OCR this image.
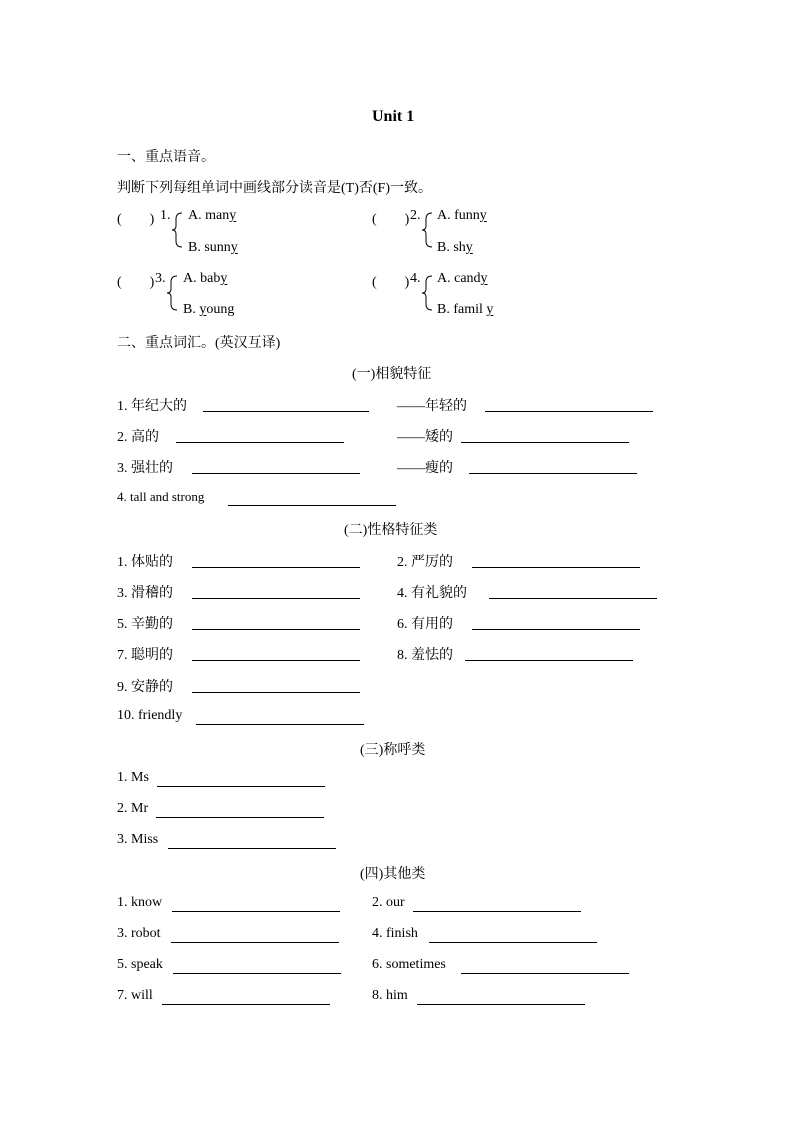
Unit 1
一、重点语音。
判断下列每组单词中画线部分读音是(T)否(F)一致。
(　　) 1. A. many
B. sunny
(　　) 2. A. funny
B. shy
(　　) 3. A. baby
B. young
(　　) 4. A. candy
B. famil y
二、重点词汇。(英汉互译)
(一)相貌特征
1. 年纪大的	——年轻的
2. 高的	——矮的
3. 强壮的	——瘦的
4. tall and strong
(二)性格特征类
1. 体贴的	2. 严厉的
3. 滑稽的	4. 有礼貌的
5. 辛勤的	6. 有用的
7. 聪明的	8. 羞怯的
9. 安静的
10. friendly
(三)称呼类
1. Ms
2. Mr
3. Miss
(四)其他类
1. know	2. our
3. robot	4. finish
5. speak	6. sometimes
7. will	8. him
